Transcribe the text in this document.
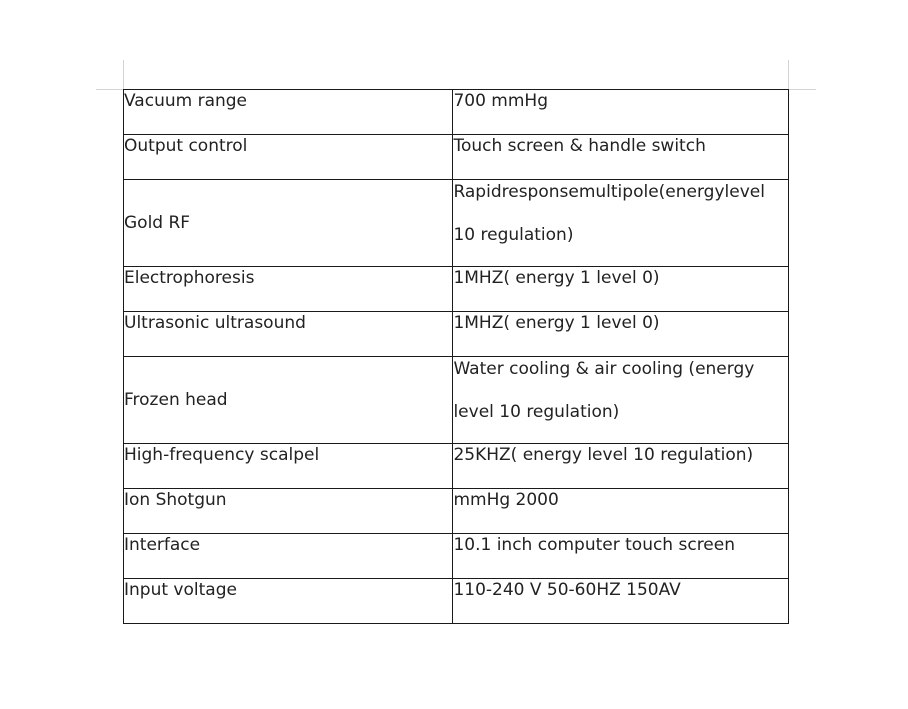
Vacuum range	700 mmHg
Output control	Touch screen & handle switch
Gold RF	Rapidresponsemultipole(energylevel 10 regulation)

Electrophoresis	1MHZ( energy 1 level 0)
Ultrasonic ultrasound	1MHZ( energy 1 level 0)
Frozen head	Water cooling & air cooling (energy level 10 regulation)

High-frequency scalpel	25KHZ( energy level 10 regulation)
Ion Shotgun	mmHg 2000
Interface	10.1 inch computer touch screen
Input voltage	110-240 V 50-60HZ 150AV
